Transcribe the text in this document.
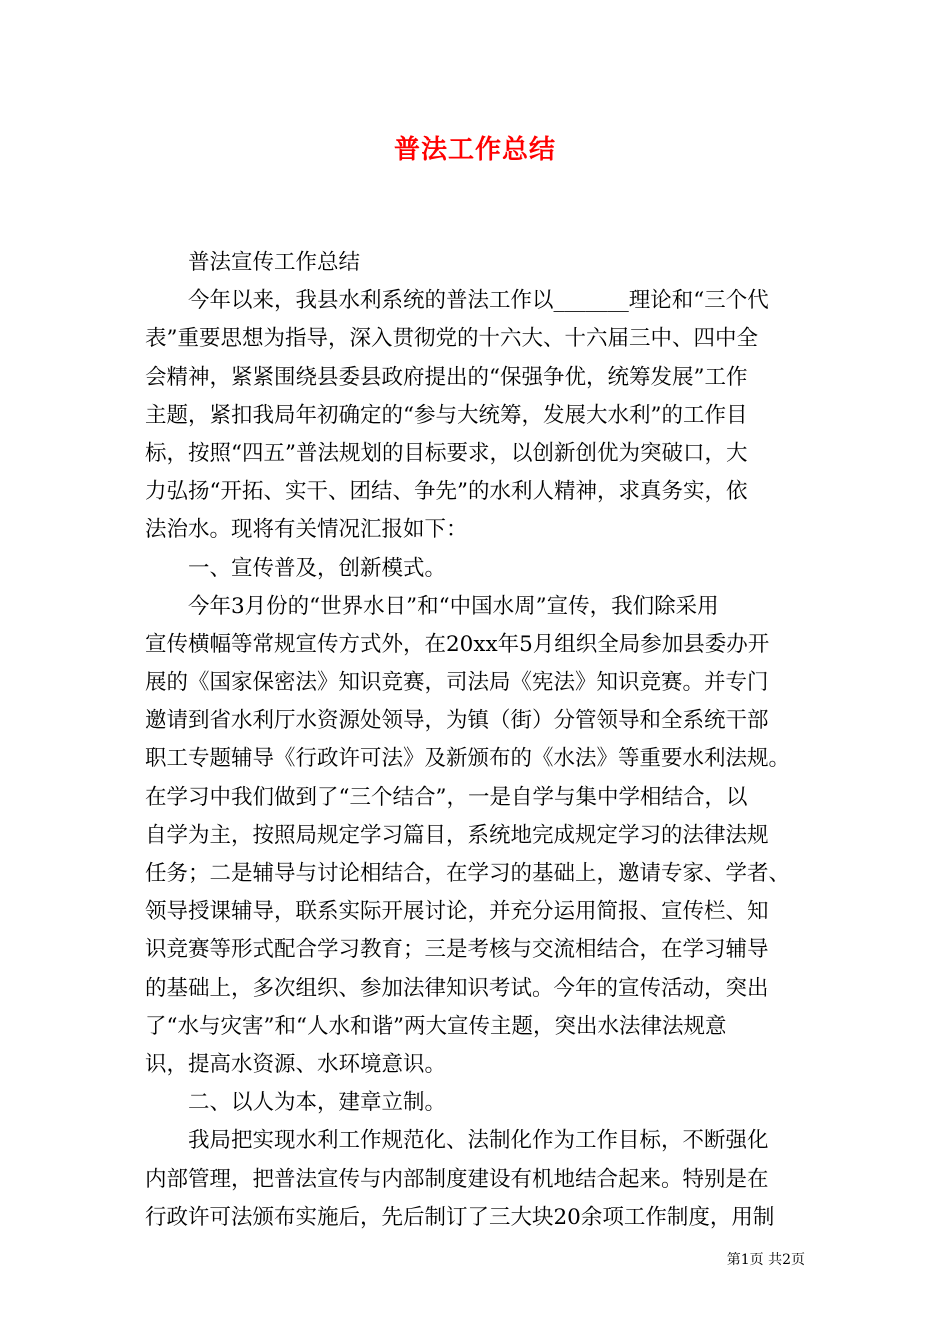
普法工作总结
普法宣传工作总结
今年以来，我县水利系统的普法工作以_______理论和“三个代
表”重要思想为指导，深入贯彻党的十六大、十六届三中、四中全
会精神，紧紧围绕县委县政府提出的“保强争优，统筹发展”工作
主题，紧扣我局年初确定的“参与大统筹，发展大水利”的工作目
标，按照“四五”普法规划的目标要求，以创新创优为突破口，大
力弘扬“开拓、实干、团结、争先”的水利人精神，求真务实，依
法治水。现将有关情况汇报如下：
一、宣传普及，创新模式。
今年3月份的“世界水日”和“中国水周”宣传，我们除采用
宣传横幅等常规宣传方式外，在20xx年5月组织全局参加县委办开
展的《国家保密法》知识竞赛，司法局《宪法》知识竞赛。并专门
邀请到省水利厅水资源处领导，为镇（街）分管领导和全系统干部
职工专题辅导《行政许可法》及新颁布的《水法》等重要水利法规。
在学习中我们做到了“三个结合”，一是自学与集中学相结合，以
自学为主，按照局规定学习篇目，系统地完成规定学习的法律法规
任务；二是辅导与讨论相结合，在学习的基础上，邀请专家、学者、
领导授课辅导，联系实际开展讨论，并充分运用简报、宣传栏、知
识竞赛等形式配合学习教育；三是考核与交流相结合，在学习辅导
的基础上，多次组织、参加法律知识考试。今年的宣传活动，突出
了“水与灾害”和“人水和谐”两大宣传主题，突出水法律法规意
识，提高水资源、水环境意识。
二、以人为本，建章立制。
我局把实现水利工作规范化、法制化作为工作目标，不断强化
内部管理，把普法宣传与内部制度建设有机地结合起来。特别是在
行政许可法颁布实施后，先后制订了三大块20余项工作制度，用制
第1页 共2页
